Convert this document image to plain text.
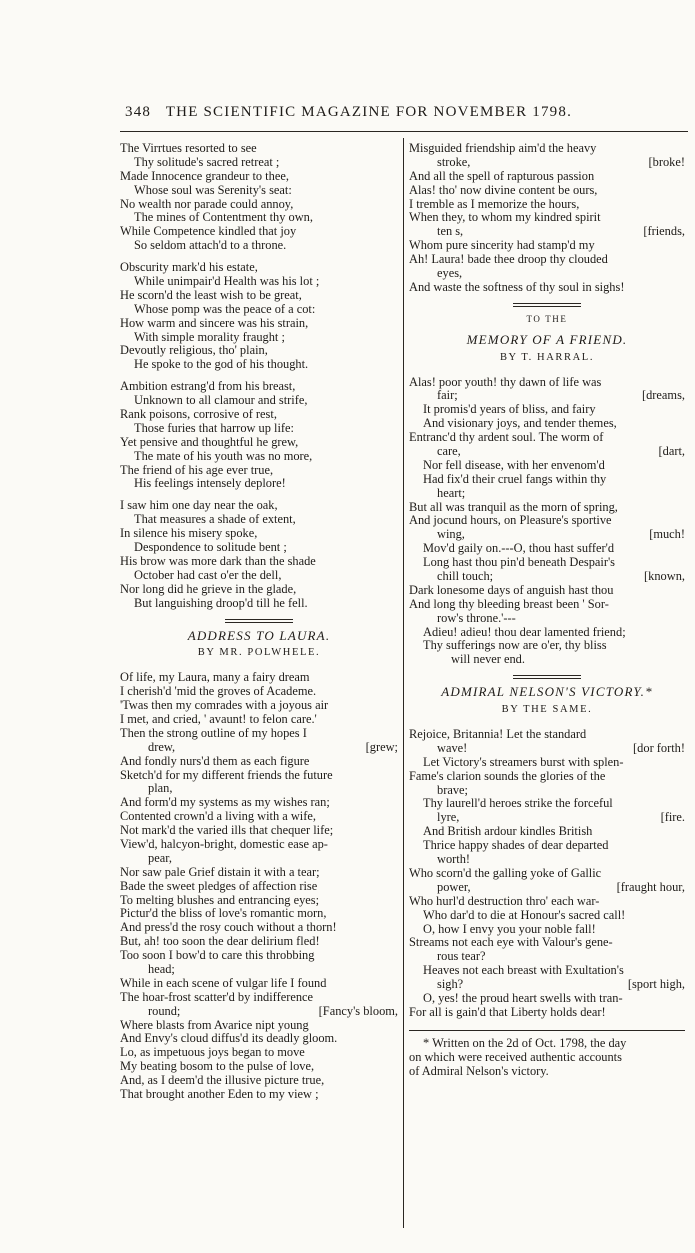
348 THE SCIENTIFIC MAGAZINE FOR NOVEMBER 1798.
The Virrtues resorted to see
Thy solitude's sacred retreat ;
Made Innocence grandeur to thee,
Whose soul was Serenity's seat:
No wealth nor parade could annoy,
The mines of Contentment thy own,
While Competence kindled that joy
So seldom attach'd to a throne.
Obscurity mark'd his estate,
While unimpair'd Health was his lot ;
He scorn'd the least wish to be great,
Whose pomp was the peace of a cot:
How warm and sincere was his strain,
With simple morality fraught ;
Devoutly religious, tho' plain,
He spoke to the god of his thought.
Ambition estrang'd from his breast,
Unknown to all clamour and strife,
Rank poisons, corrosive of rest,
Those furies that harrow up life:
Yet pensive and thoughtful he grew,
The mate of his youth was no more,
The friend of his age ever true,
His feelings intensely deplore!
I saw him one day near the oak,
That measures a shade of extent,
In silence his misery spoke,
Despondence to solitude bent ;
His brow was more dark than the shade
October had cast o'er the dell,
Nor long did he grieve in the glade,
But languishing droop'd till he fell.
ADDRESS TO LAURA.
BY MR. POLWHELE.
Of life, my Laura, many a fairy dream
I cherish'd 'mid the groves of Academe.
'Twas then my comrades with a joyous air
I met, and cried, ' avaunt! to felon care.'
Then the strong outline of my hopes I
drew,	[grew;
And fondly nurs'd them as each figure
Sketch'd for my different friends the future
plan,
And form'd my systems as my wishes ran;
Contented crown'd a living with a wife,
Not mark'd the varied ills that chequer life;
View'd, halcyon-bright, domestic ease ap-
pear,
Nor saw pale Grief distain it with a tear;
Bade the sweet pledges of affection rise
To melting blushes and entrancing eyes;
Pictur'd the bliss of love's romantic morn,
And press'd the rosy couch without a thorn!
But, ah! too soon the dear delirium fled!
Too soon I bow'd to care this throbbing
head;
While in each scene of vulgar life I found
The hoar-frost scatter'd by indifference
round;	[Fancy's bloom,
Where blasts from Avarice nipt young
And Envy's cloud diffus'd its deadly gloom.
Lo, as impetuous joys began to move
My beating bosom to the pulse of love,
And, as I deem'd the illusive picture true,
That brought another Eden to my view ;
Misguided friendship aim'd the heavy
stroke,	[broke!
And all the spell of rapturous passion
Alas! tho' now divine content be ours,
I tremble as I memorize the hours,
When they, to whom my kindred spirit
ten s,	[friends,
Whom pure sincerity had stamp'd my
Ah! Laura! bade thee droop thy clouded
eyes,
And waste the softness of thy soul in sighs!
TO THE
MEMORY OF A FRIEND.
BY T. HARRAL.
Alas! poor youth! thy dawn of life was
fair;	[dreams,
It promis'd years of bliss, and fairy
And visionary joys, and tender themes,
Entranc'd thy ardent soul. The worm of
care,	[dart,
Nor fell disease, with her envenom'd
Had fix'd their cruel fangs within thy
heart;
But all was tranquil as the morn of spring,
And jocund hours, on Pleasure's sportive
wing,	[much!
Mov'd gaily on.---O, thou hast suffer'd
Long hast thou pin'd beneath Despair's
chill touch;	[known,
Dark lonesome days of anguish hast thou
And long thy bleeding breast been ' Sor-
row's throne.'---
Adieu! adieu! thou dear lamented friend;
Thy sufferings now are o'er, thy bliss
will never end.
ADMIRAL NELSON'S VICTORY.*
BY THE SAME.
Rejoice, Britannia! Let the standard
wave!	[dor forth!
Let Victory's streamers burst with splen-
Fame's clarion sounds the glories of the
brave;
Thy laurell'd heroes strike the forceful
lyre,	[fire.
And British ardour kindles British
Thrice happy shades of dear departed
worth!
Who scorn'd the galling yoke of Gallic
power,	[fraught hour,
Who hurl'd destruction thro' each war-
Who dar'd to die at Honour's sacred call!
O, how I envy you your noble fall!
Streams not each eye with Valour's gene-
rous tear?
Heaves not each breast with Exultation's
sigh?	[sport high,
O, yes! the proud heart swells with tran-
For all is gain'd that Liberty holds dear!
* Written on the 2d of Oct. 1798, the day
on which were received authentic accounts
of Admiral Nelson's victory.
